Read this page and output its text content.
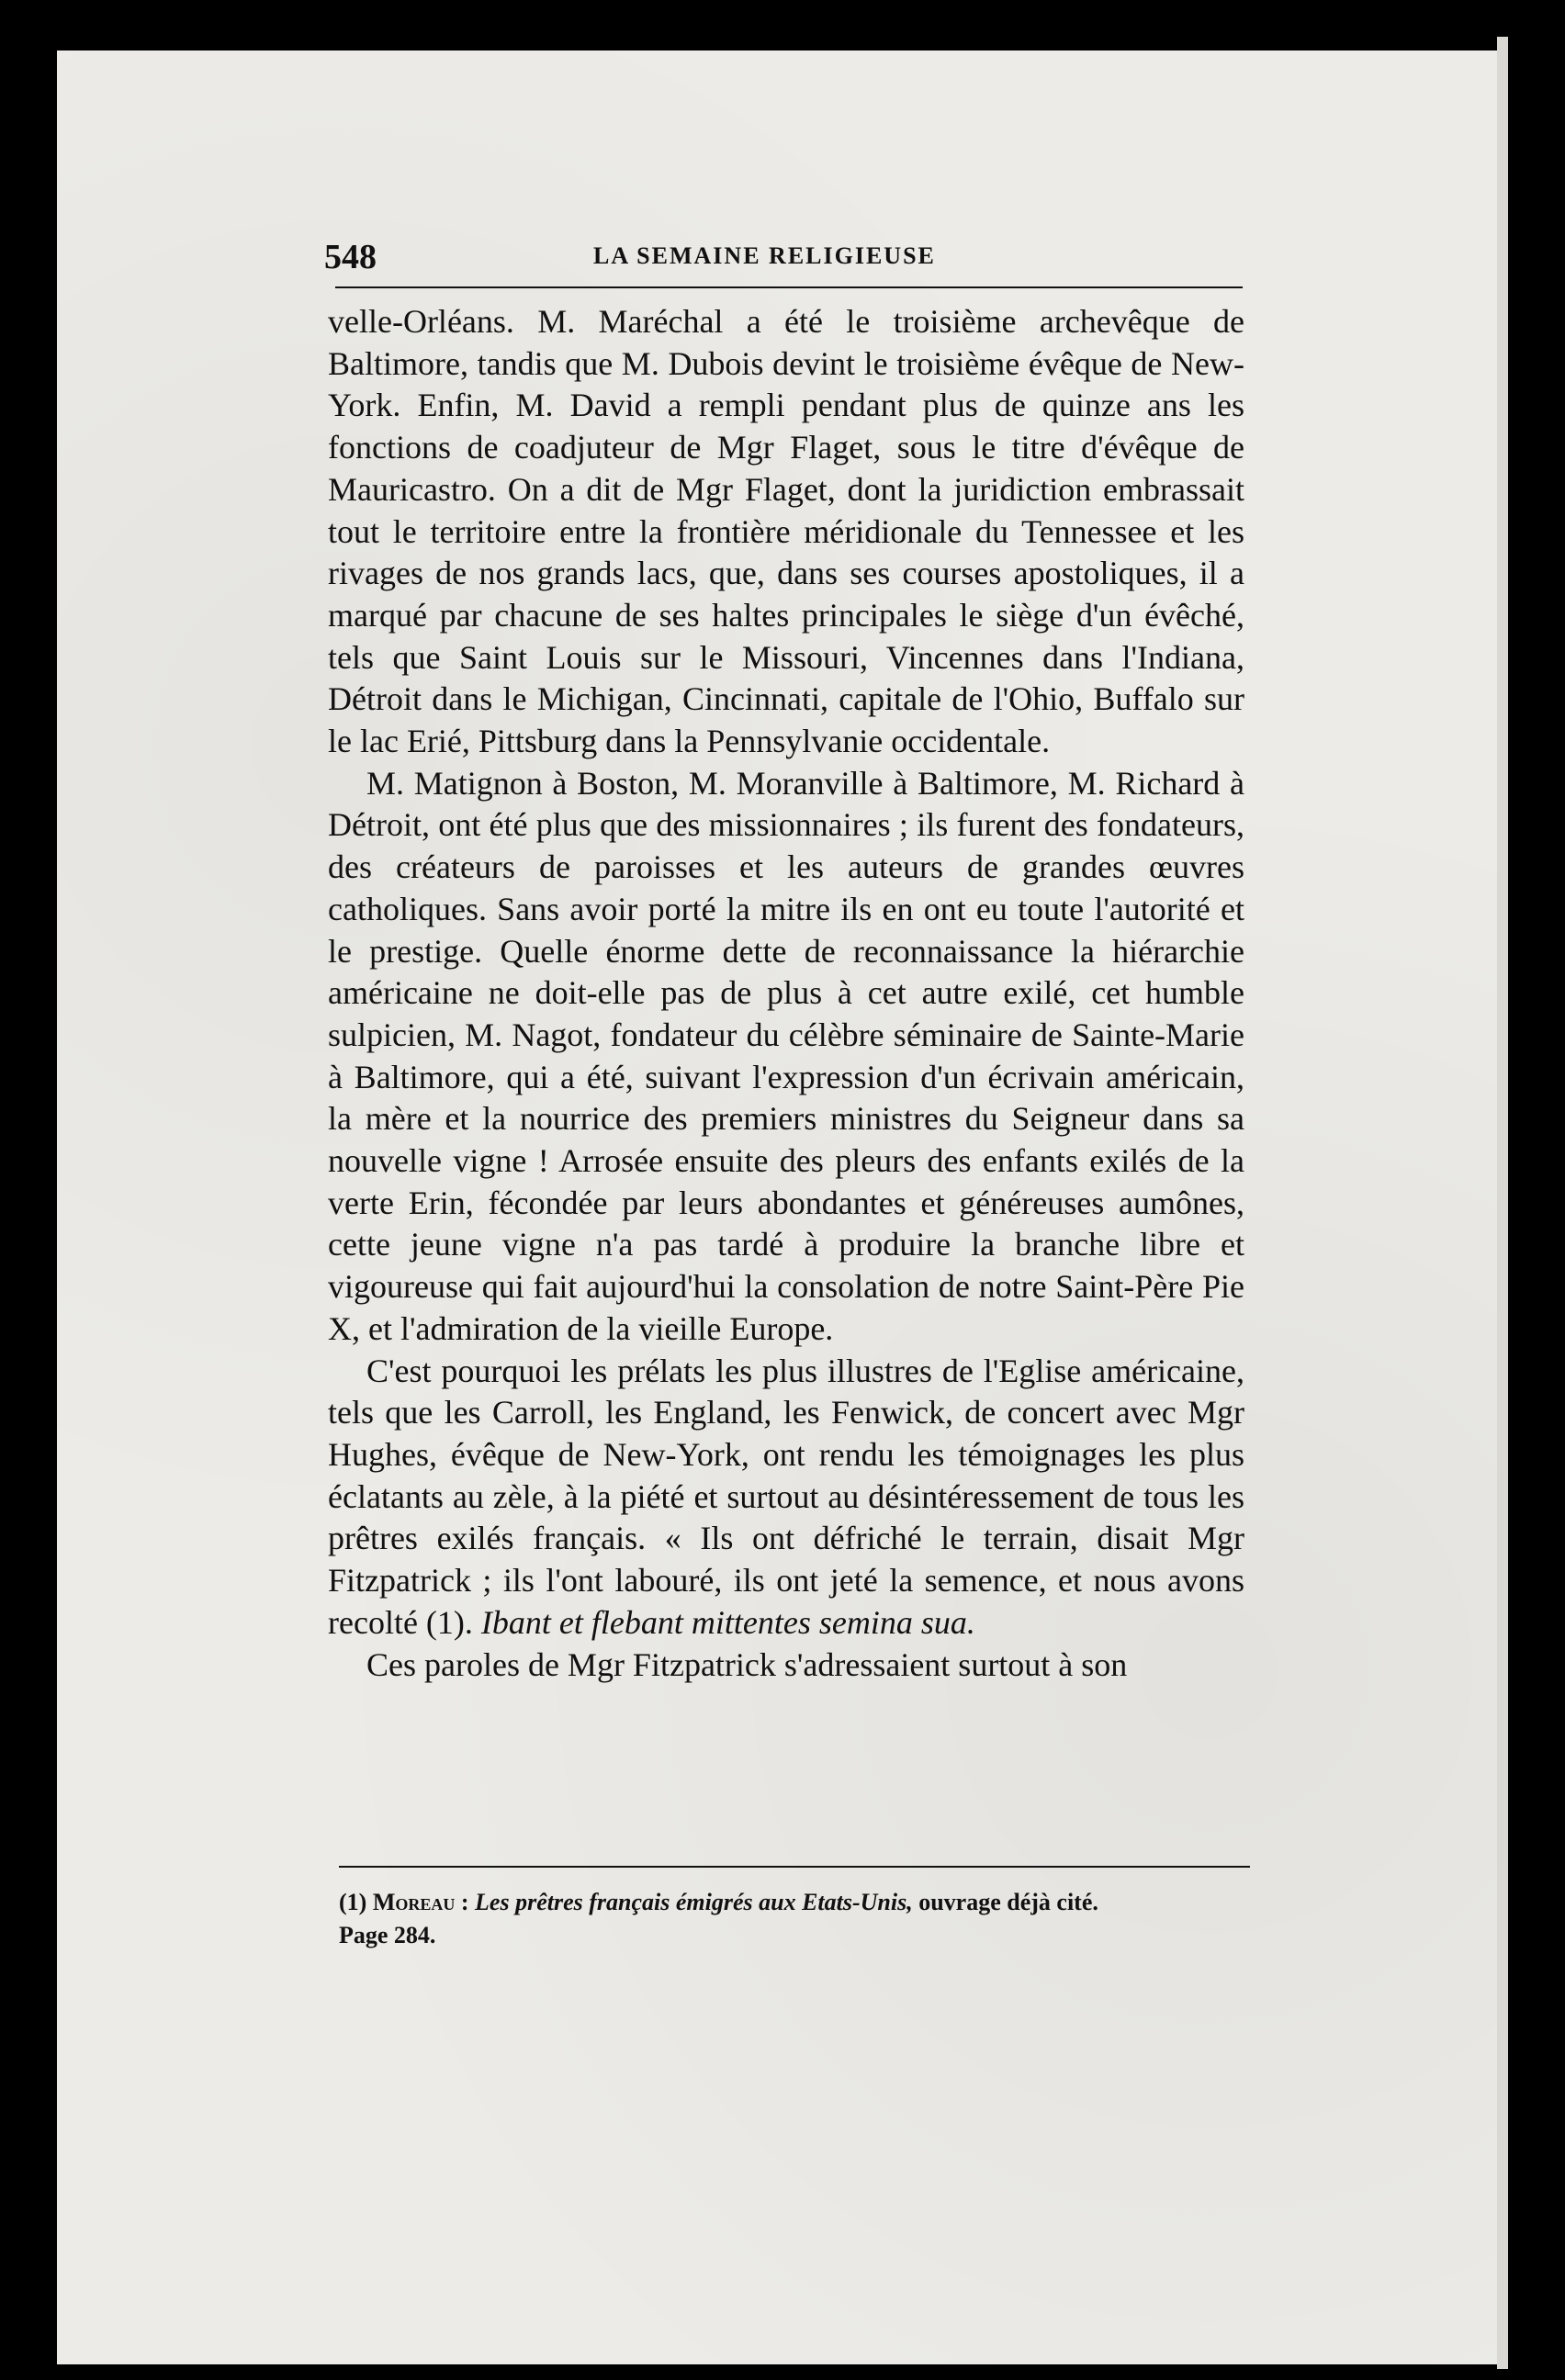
548	LA SEMAINE RELIGIEUSE

velle-Orléans. M. Maréchal a été le troisième archevêque de Baltimore, tandis que M. Dubois devint le troisième évêque de New-York. Enfin, M. David a rempli pendant plus de quinze ans les fonctions de coadjuteur de Mgr Flaget, sous le titre d'évêque de Mauricastro. On a dit de Mgr Flaget, dont la juridiction embrassait tout le territoire entre la frontière méridionale du Tennessee et les rivages de nos grands lacs, que, dans ses courses apostoliques, il a marqué par chacune de ses haltes principales le siège d'un évêché, tels que Saint Louis sur le Missouri, Vincennes dans l'Indiana, Détroit dans le Michigan, Cincinnati, capitale de l'Ohio, Buffalo sur le lac Erié, Pittsburg dans la Pennsylvanie occidentale.

M. Matignon à Boston, M. Moranville à Baltimore, M. Richard à Détroit, ont été plus que des missionnaires ; ils furent des fondateurs, des créateurs de paroisses et les auteurs de grandes œuvres catholiques. Sans avoir porté la mitre ils en ont eu toute l'autorité et le prestige. Quelle énorme dette de reconnaissance la hiérarchie américaine ne doit-elle pas de plus à cet autre exilé, cet humble sulpicien, M. Nagot, fondateur du célèbre séminaire de Sainte-Marie à Baltimore, qui a été, suivant l'expression d'un écrivain américain, la mère et la nourrice des premiers ministres du Seigneur dans sa nouvelle vigne ! Arrosée ensuite des pleurs des enfants exilés de la verte Erin, fécondée par leurs abondantes et généreuses aumônes, cette jeune vigne n'a pas tardé à produire la branche libre et vigoureuse qui fait aujourd'hui la consolation de notre Saint-Père Pie X, et l'admiration de la vieille Europe.

C'est pourquoi les prélats les plus illustres de l'Eglise américaine, tels que les Carroll, les England, les Fenwick, de concert avec Mgr Hughes, évêque de New-York, ont rendu les témoignages les plus éclatants au zèle, à la piété et surtout au désintéressement de tous les prêtres exilés français. « Ils ont défriché le terrain, disait Mgr Fitzpatrick ; ils l'ont labouré, ils ont jeté la semence, et nous avons recolté (1). Ibant et flebant mittentes semina sua.

Ces paroles de Mgr Fitzpatrick s'adressaient surtout à son

(1) Moreau : Les prêtres français émigrés aux Etats-Unis, ouvrage déjà cité.
Page 284.
